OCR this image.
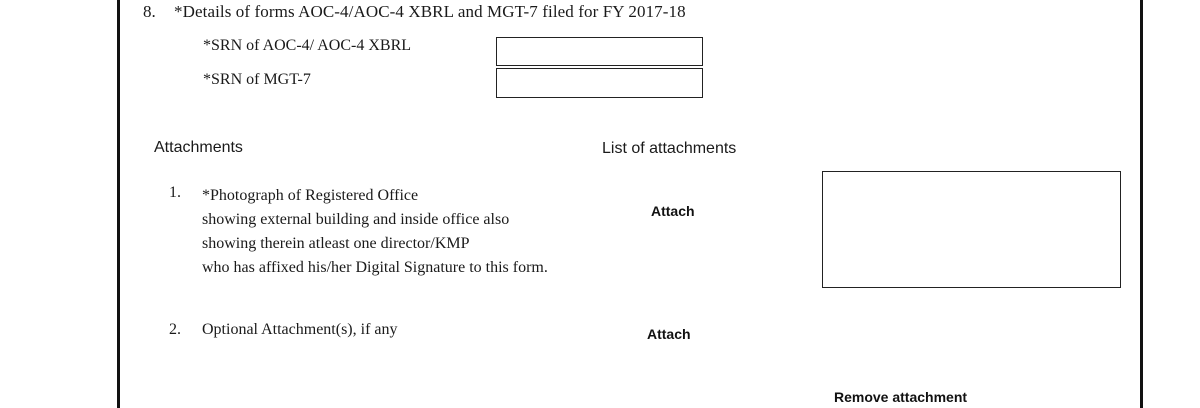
8. *Details of forms AOC-4/AOC-4 XBRL and MGT-7 filed for FY 2017-18
*SRN of AOC-4/ AOC-4 XBRL
*SRN of MGT-7
Attachments	List of attachments
1. *Photograph of Registered Office
showing external building and inside office also
showing therein atleast one director/KMP
who has affixed his/her Digital Signature to this form.
Attach
2. Optional Attachment(s), if any	Attach
Remove attachment
